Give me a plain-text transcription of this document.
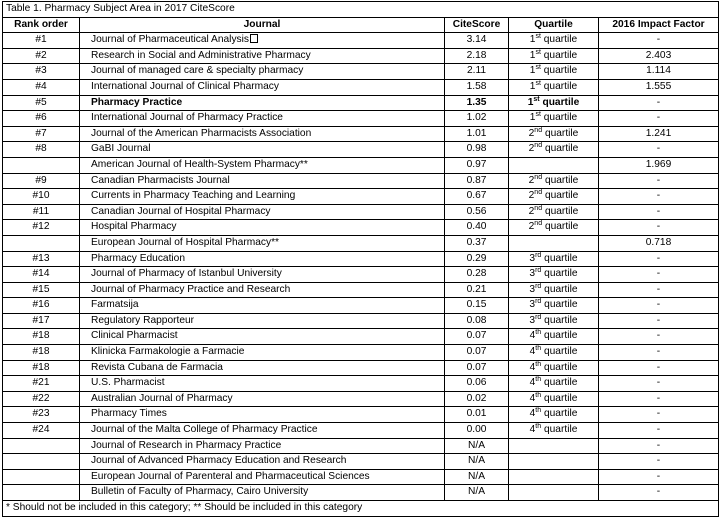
Table 1. Pharmacy Subject Area in 2017 CiteScore				
Rank order	Journal	CiteScore	Quartile	2016 Impact Factor
#1	Journal of Pharmaceutical Analysis	3.14	1st quartile	-
#2	Research in Social and Administrative Pharmacy	2.18	1st quartile	2.403
#3	Journal of managed care & specialty pharmacy	2.11	1st quartile	1.114
#4	International Journal of Clinical Pharmacy	1.58	1st quartile	1.555
#5	Pharmacy Practice	1.35	1st quartile	-
#6	International Journal of Pharmacy Practice	1.02	1st quartile	-
#7	Journal of the American Pharmacists Association	1.01	2nd quartile	1.241
#8	GaBI Journal	0.98	2nd quartile	-
	American Journal of Health-System Pharmacy**	0.97		1.969
#9	Canadian Pharmacists Journal	0.87	2nd quartile	-
#10	Currents in Pharmacy Teaching and Learning	0.67	2nd quartile	-
#11	Canadian Journal of Hospital Pharmacy	0.56	2nd quartile	-
#12	Hospital Pharmacy	0.40	2nd quartile	-
	European Journal of Hospital Pharmacy**	0.37		0.718
#13	Pharmacy Education	0.29	3rd quartile	-
#14	Journal of Pharmacy of Istanbul University	0.28	3rd quartile	-
#15	Journal of Pharmacy Practice and Research	0.21	3rd quartile	-
#16	Farmatsija	0.15	3rd quartile	-
#17	Regulatory Rapporteur	0.08	3rd quartile	-
#18	Clinical Pharmacist	0.07	4th quartile	-
#18	Klinicka Farmakologie a Farmacie	0.07	4th quartile	-
#18	Revista Cubana de Farmacia	0.07	4th quartile	-
#21	U.S. Pharmacist	0.06	4th quartile	-
#22	Australian Journal of Pharmacy	0.02	4th quartile	-
#23	Pharmacy Times	0.01	4th quartile	-
#24	Journal of the Malta College of Pharmacy Practice	0.00	4th quartile	-
	Journal of Research in Pharmacy Practice	N/A		-
	Journal of Advanced Pharmacy Education and Research	N/A		-
	European Journal of Parenteral and Pharmaceutical Sciences	N/A		-
	Bulletin of Faculty of Pharmacy, Cairo University	N/A		-
* Should not be included in this category; ** Should be included in this category				
